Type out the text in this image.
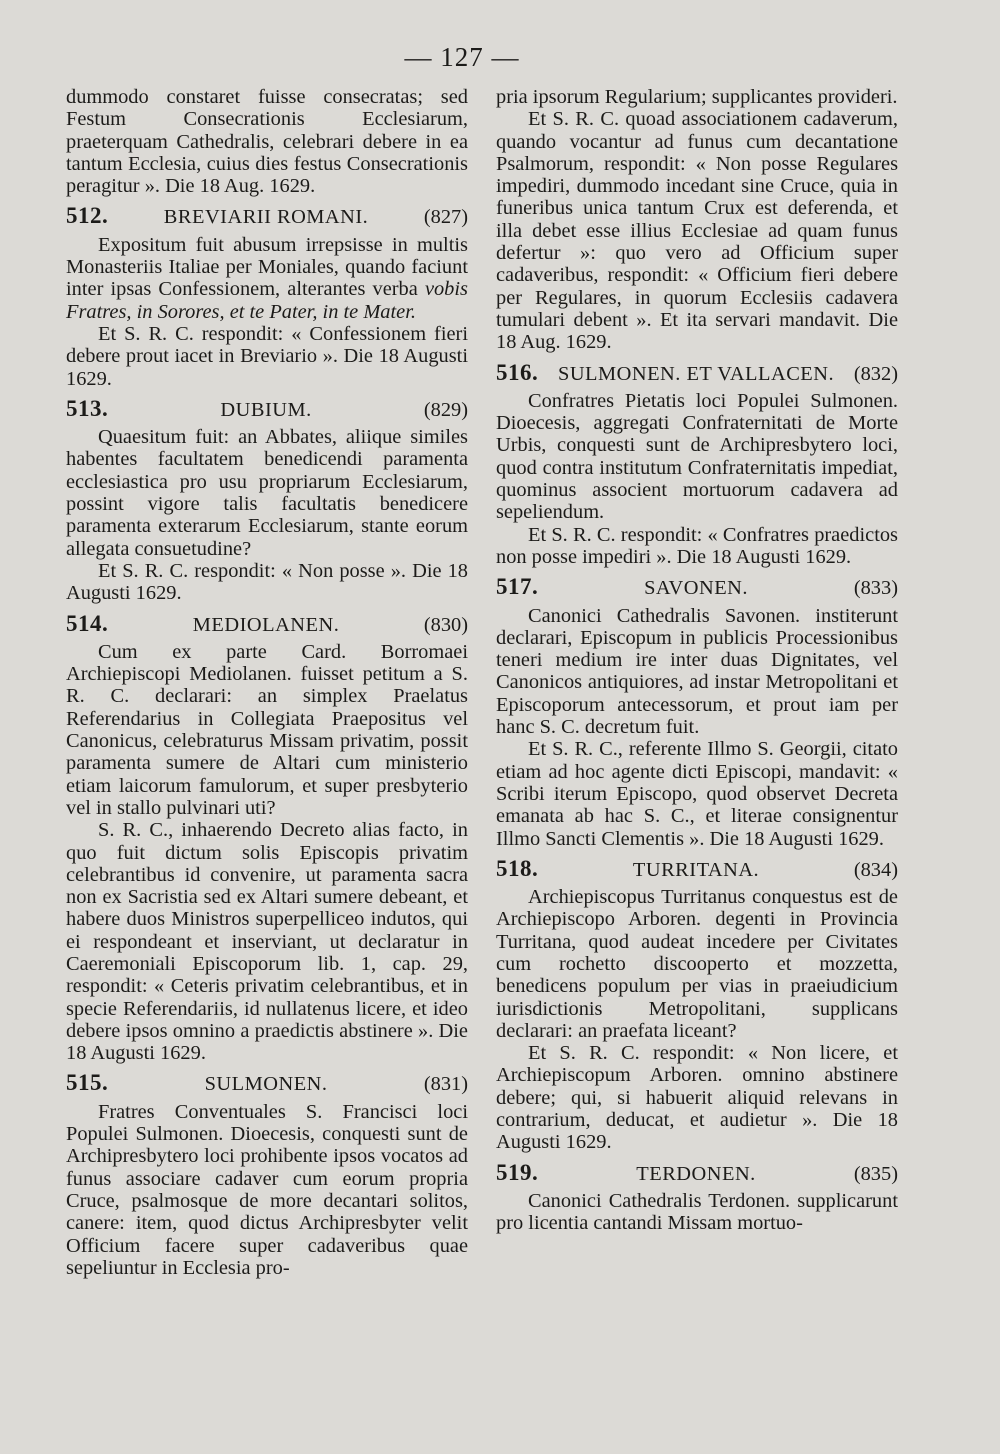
— 127 —

dummodo constaret fuisse consecratas; sed Festum Consecrationis Ecclesiarum, praeterquam Cathedralis, celebrari debere in ea tantum Ecclesia, cuius dies festus Consecrationis peragitur ». Die 18 Aug. 1629.

512.	BREVIARII ROMANI.	(827)

Expositum fuit abusum irrepsisse in multis Monasteriis Italiae per Moniales, quando faciunt inter ipsas Confessionem, alterantes verba vobis Fratres, in Sorores, et te Pater, in te Mater.

Et S. R. C. respondit: « Confessionem fieri debere prout iacet in Breviario ». Die 18 Augusti 1629.

513.	DUBIUM.	(829)

Quaesitum fuit: an Abbates, aliique similes habentes facultatem benedicendi paramenta ecclesiastica pro usu propriarum Ecclesiarum, possint vigore talis facultatis benedicere paramenta exterarum Ecclesiarum, stante eorum allegata consuetudine?

Et S. R. C. respondit: « Non posse ». Die 18 Augusti 1629.

514.	MEDIOLANEN.	(830)

Cum ex parte Card. Borromaei Archiepiscopi Mediolanen. fuisset petitum a S. R. C. declarari: an simplex Praelatus Referendarius in Collegiata Praepositus vel Canonicus, celebraturus Missam privatim, possit paramenta sumere de Altari cum ministerio etiam laicorum famulorum, et super presbyterio vel in stallo pulvinari uti?

S. R. C., inhaerendo Decreto alias facto, in quo fuit dictum solis Episcopis privatim celebrantibus id convenire, ut paramenta sacra non ex Sacristia sed ex Altari sumere debeant, et habere duos Ministros superpelliceo indutos, qui ei respondeant et inserviant, ut declaratur in Caeremoniali Episcoporum lib. 1, cap. 29, respondit: « Ceteris privatim celebrantibus, et in specie Referendariis, id nullatenus licere, et ideo debere ipsos omnino a praedictis abstinere ». Die 18 Augusti 1629.

515.	SULMONEN.	(831)

Fratres Conventuales S. Francisci loci Populei Sulmonen. Dioecesis, conquesti sunt de Archipresbytero loci prohibente ipsos vocatos ad funus associare cadaver cum eorum propria Cruce, psalmosque de more decantari solitos, canere: item, quod dictus Archipresbyter velit Officium facere super cadaveribus quae sepeliuntur in Ecclesia pro-

pria ipsorum Regularium; supplicantes provideri.

Et S. R. C. quoad associationem cadaverum, quando vocantur ad funus cum decantatione Psalmorum, respondit: « Non posse Regulares impediri, dummodo incedant sine Cruce, quia in funeribus unica tantum Crux est deferenda, et illa debet esse illius Ecclesiae ad quam funus defertur »: quo vero ad Officium super cadaveribus, respondit: « Officium fieri debere per Regulares, in quorum Ecclesiis cadavera tumulari debent ». Et ita servari mandavit. Die 18 Aug. 1629.

516. SULMONEN. ET VALLACEN. (832)

Confratres Pietatis loci Populei Sulmonen. Dioecesis, aggregati Confraternitati de Morte Urbis, conquesti sunt de Archipresbytero loci, quod contra institutum Confraternitatis impediat, quominus associent mortuorum cadavera ad sepeliendum.

Et S. R. C. respondit: « Confratres praedictos non posse impediri ». Die 18 Augusti 1629.

517.	SAVONEN.	(833)

Canonici Cathedralis Savonen. institerunt declarari, Episcopum in publicis Processionibus teneri medium ire inter duas Dignitates, vel Canonicos antiquiores, ad instar Metropolitani et Episcoporum antecessorum, et prout iam per hanc S. C. decretum fuit.

Et S. R. C., referente Illmo S. Georgii, citato etiam ad hoc agente dicti Episcopi, mandavit: « Scribi iterum Episcopo, quod observet Decreta emanata ab hac S. C., et literae consignentur Illmo Sancti Clementis ». Die 18 Augusti 1629.

518.	TURRITANA.	(834)

Archiepiscopus Turritanus conquestus est de Archiepiscopo Arboren. degenti in Provincia Turritana, quod audeat incedere per Civitates cum rochetto discooperto et mozzetta, benedicens populum per vias in praeiudicium iurisdictionis Metropolitani, supplicans declarari: an praefata liceant?

Et S. R. C. respondit: « Non licere, et Archiepiscopum Arboren. omnino abstinere debere; qui, si habuerit aliquid relevans in contrarium, deducat, et audietur ». Die 18 Augusti 1629.

519.	TERDONEN.	(835)

Canonici Cathedralis Terdonen. supplicarunt pro licentia cantandi Missam mortuo-
